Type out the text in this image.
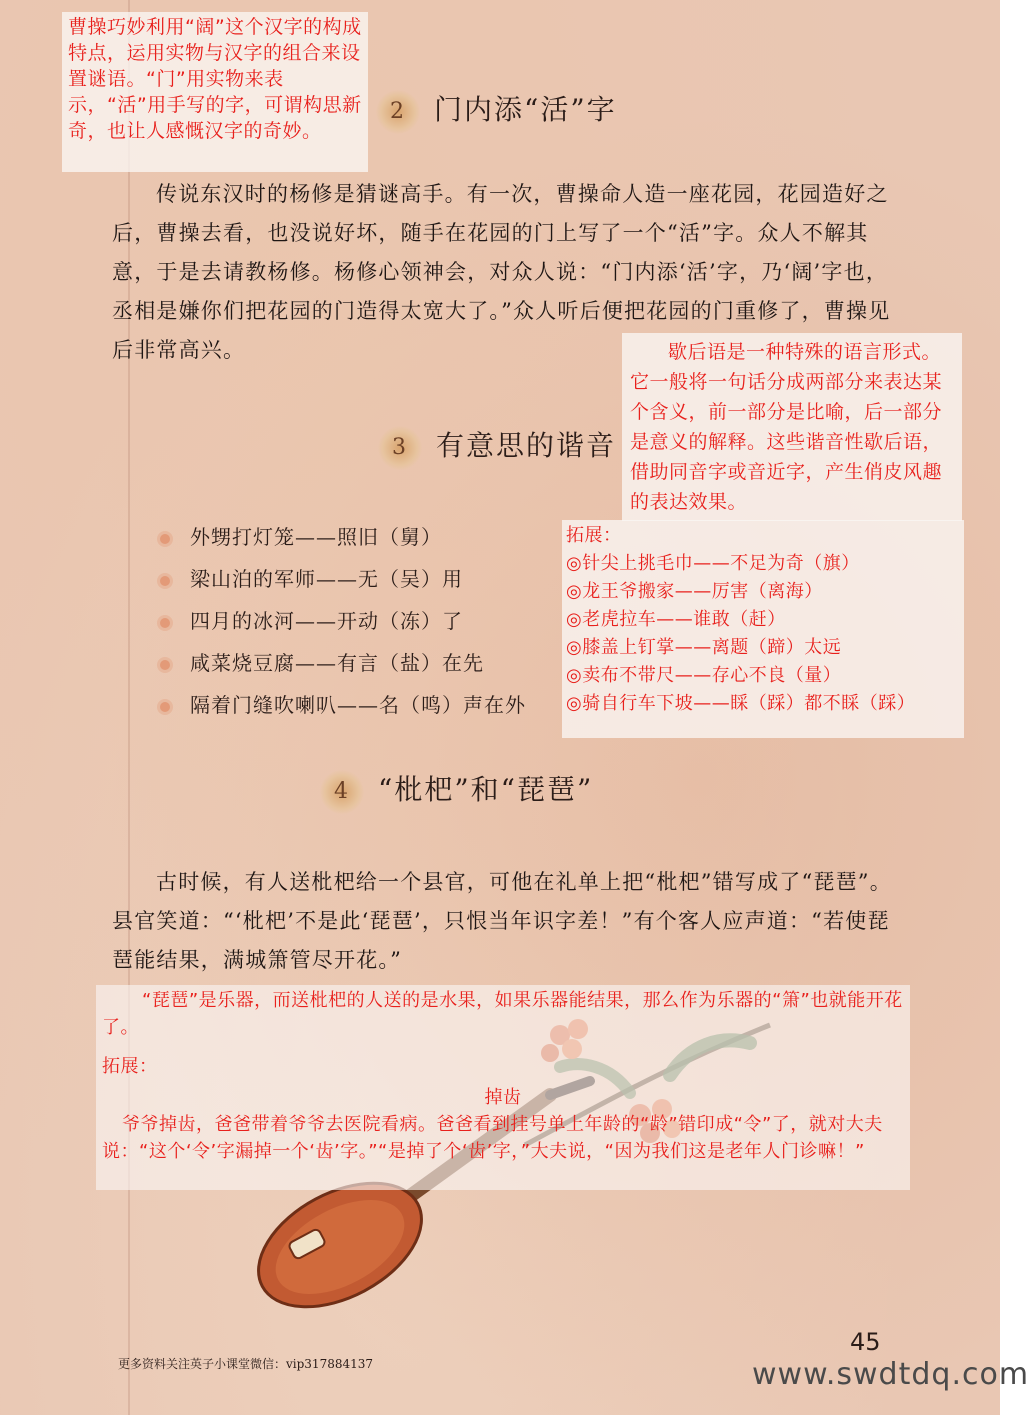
曹操巧妙利用“阔”这个汉字的构成特点，运用实物与汉字的组合来设置谜语。“门”用实物来表示，“活”用手写的字，可谓构思新奇，也让人感慨汉字的奇妙。
2 门内添“活”字
传说东汉时的杨修是猜谜高手。有一次，曹操命人造一座花园，花园造好之后，曹操去看，也没说好坏，随手在花园的门上写了一个“活”字。众人不解其意，于是去请教杨修。杨修心领神会，对众人说：“门内添‘活’字，乃‘阔’字也，丞相是嫌你们把花园的门造得太宽大了。”众人听后便把花园的门重修了，曹操见后非常高兴。	歇后语是一种特殊的语言形式。它一般将一句话分成两部分来表达某个含义，前一部分是比喻，后一部分是意义的解释。这些谐音性歇后语，借助同音字或音近字，产生俏皮风趣的表达效果。
3 有意思的谐音
外甥打灯笼——照旧（舅）
梁山泊的军师——无（吴）用
四月的冰河——开动（冻）了
咸菜烧豆腐——有言（盐）在先
隔着门缝吹喇叭——名（鸣）声在外
拓展：
◎针尖上挑毛巾——不足为奇（旗）
◎龙王爷搬家——厉害（离海）
◎老虎拉车——谁敢（赶）
◎膝盖上钉掌——离题（蹄）太远
◎卖布不带尺——存心不良（量）
◎骑自行车下坡——睬（踩）都不睬（踩）
4 “枇杷”和“琵琶”
古时候，有人送枇杷给一个县官，可他在礼单上把“枇杷”错写成了“琵琶”。县官笑道：“‘枇杷’不是此‘琵琶’，只恨当年识字差！”有个客人应声道：“若使琵琶能结果，满城箫管尽开花。”
“琵琶”是乐器，而送枇杷的人送的是水果，如果乐器能结果，那么作为乐器的“箫”也就能开花了。
拓展：
掉齿
爷爷掉齿，爸爸带着爷爷去医院看病。爸爸看到挂号单上年龄的“龄”错印成“令”了，就对大夫说：“这个‘令’字漏掉一个‘齿’字。”“是掉了个‘齿’字，”大夫说，“因为我们这是老年人门诊嘛！”
45
更多资料关注英子小课堂微信：vip317884137	www.swdtdq.com
